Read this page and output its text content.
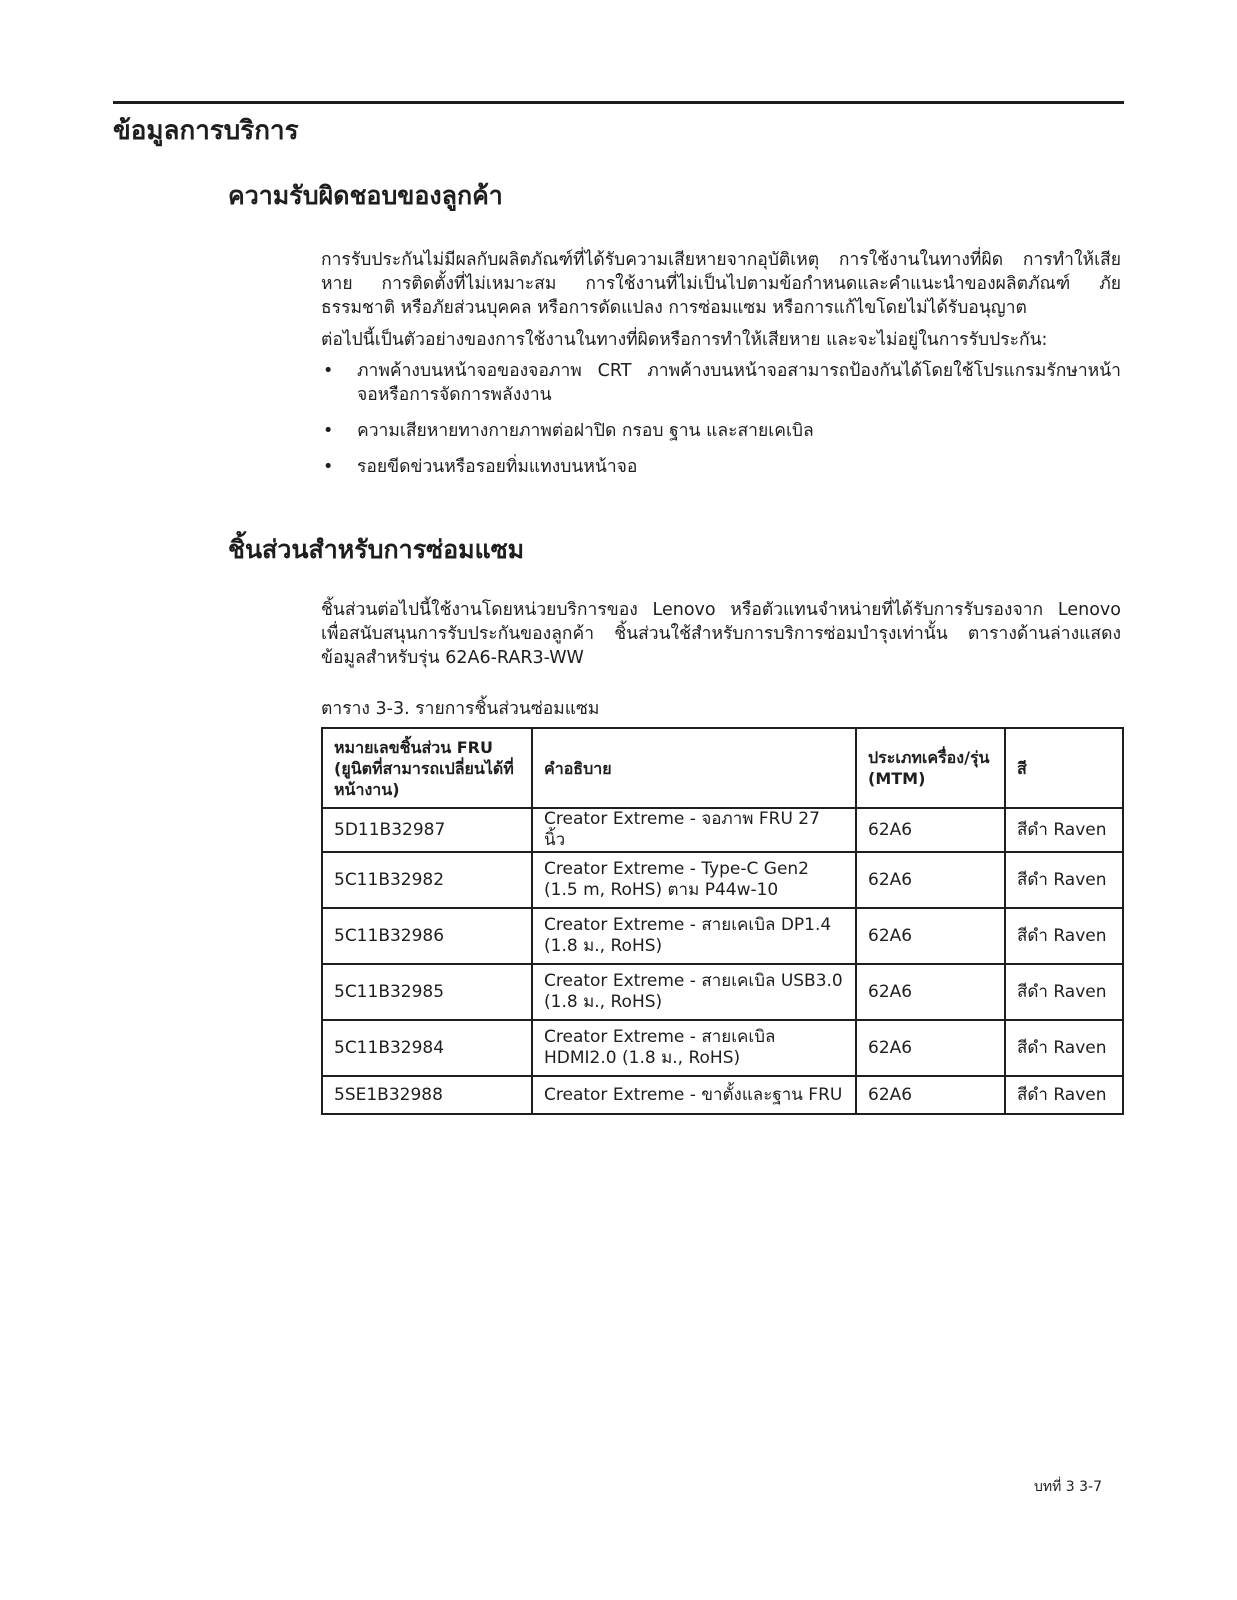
ข้อมูลการบริการ
ความรับผิดชอบของลูกค้า

การรับประกันไม่มีผลกับผลิตภัณฑ์ที่ได้รับความเสียหายจากอุบัติเหตุ การใช้งานในทางที่ผิด การทำให้เสียหาย การติดตั้งที่ไม่เหมาะสม การใช้งานที่ไม่เป็นไปตามข้อกำหนดและคำแนะนำของผลิตภัณฑ์ ภัยธรรมชาติ หรือภัยส่วนบุคคล หรือการดัดแปลง การซ่อมแซม หรือการแก้ไขโดยไม่ได้รับอนุญาต

ต่อไปนี้เป็นตัวอย่างของการใช้งานในทางที่ผิดหรือการทำให้เสียหาย และจะไม่อยู่ในการรับประกัน:

• ภาพค้างบนหน้าจอของจอภาพ CRT ภาพค้างบนหน้าจอสามารถป้องกันได้โดยใช้โปรแกรมรักษาหน้าจอหรือการจัดการพลังงาน
• ความเสียหายทางกายภาพต่อฝาปิด กรอบ ฐาน และสายเคเบิล
• รอยขีดข่วนหรือรอยทิ่มแทงบนหน้าจอ
ชิ้นส่วนสำหรับการซ่อมแซม

ชิ้นส่วนต่อไปนี้ใช้งานโดยหน่วยบริการของ Lenovo หรือตัวแทนจำหน่ายที่ได้รับการรับรองจาก Lenovo เพื่อสนับสนุนการรับประกันของลูกค้า ชิ้นส่วนใช้สำหรับการบริการซ่อมบำรุงเท่านั้น ตารางด้านล่างแสดงข้อมูลสำหรับรุ่น 62A6-RAR3-WW

ตาราง 3-3. รายการชิ้นส่วนซ่อมแซม

หมายเลขชิ้นส่วน FRU (ยูนิตที่สามารถเปลี่ยนได้ที่หน้างาน)	คำอธิบาย	ประเภทเครื่อง/รุ่น (MTM)	สี
5D11B32987	Creator Extreme - จอภาพ FRU 27 นิ้ว	62A6	สีดำ Raven
5C11B32982	Creator Extreme - Type-C Gen2 (1.5 m, RoHS) ตาม P44w-10	62A6	สีดำ Raven
5C11B32986	Creator Extreme - สายเคเบิล DP1.4 (1.8 ม., RoHS)	62A6	สีดำ Raven
5C11B32985	Creator Extreme - สายเคเบิล USB3.0 (1.8 ม., RoHS)	62A6	สีดำ Raven
5C11B32984	Creator Extreme - สายเคเบิล HDMI2.0 (1.8 ม., RoHS)	62A6	สีดำ Raven
5SE1B32988	Creator Extreme - ขาตั้งและฐาน FRU	62A6	สีดำ Raven
บทที่ 3 3-7
